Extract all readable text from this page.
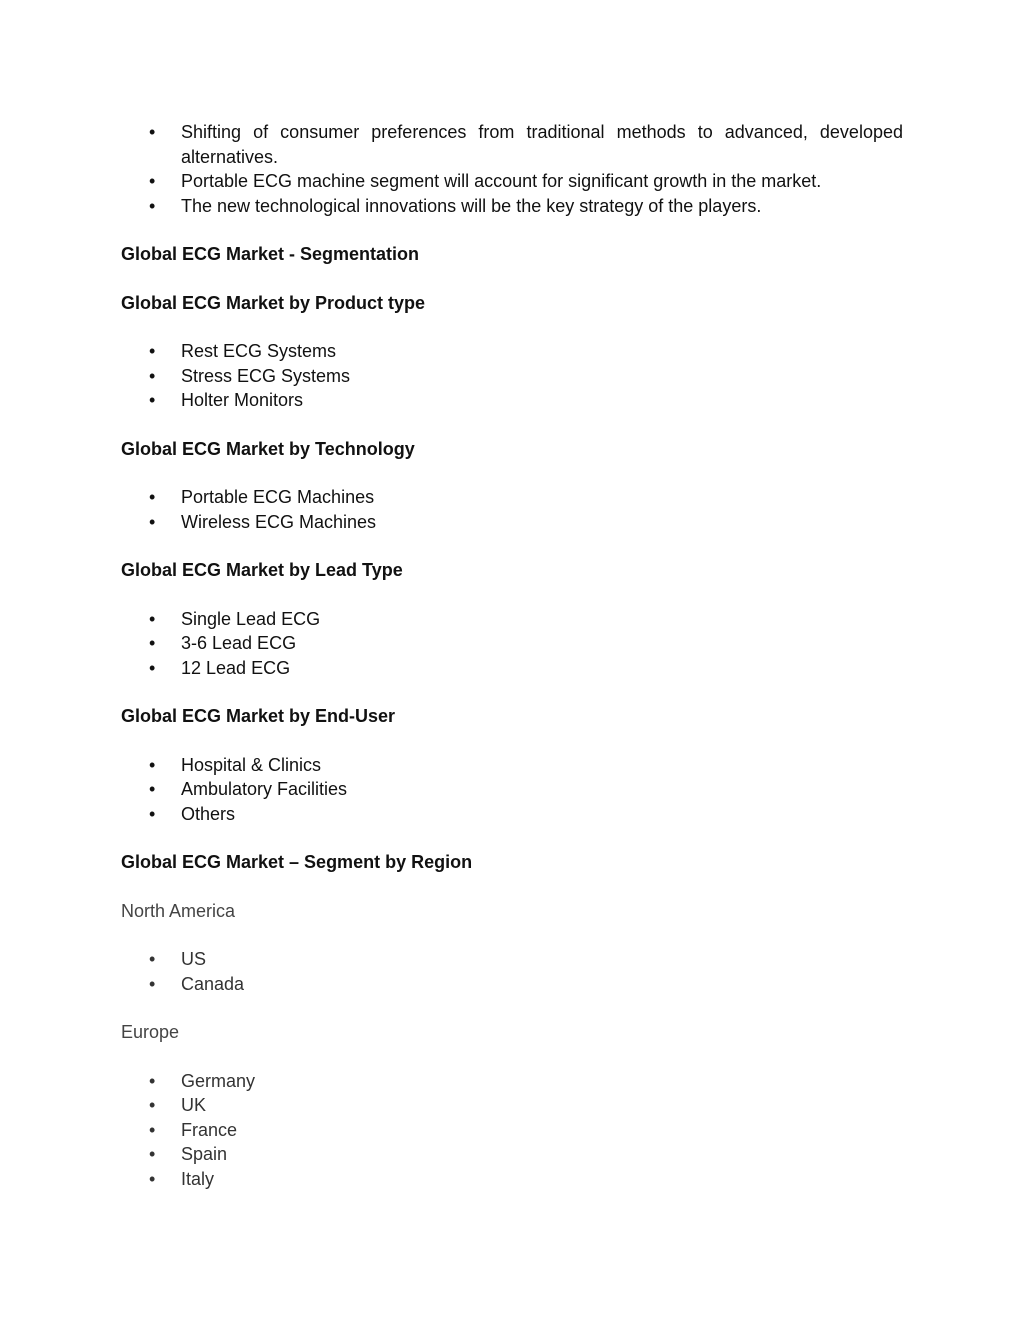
• Shifting of consumer preferences from traditional methods to advanced, developed alternatives.
• Portable ECG machine segment will account for significant growth in the market.
• The new technological innovations will be the key strategy of the players.

Global ECG Market - Segmentation

Global ECG Market by Product type

• Rest ECG Systems
• Stress ECG Systems
• Holter Monitors

Global ECG Market by Technology

• Portable ECG Machines
• Wireless ECG Machines

Global ECG Market by Lead Type

• Single Lead ECG
• 3-6 Lead ECG
• 12 Lead ECG

Global ECG Market by End-User

• Hospital & Clinics
• Ambulatory Facilities
• Others

Global ECG Market – Segment by Region

North America

• US
• Canada

Europe

• Germany
• UK
• France
• Spain
• Italy
